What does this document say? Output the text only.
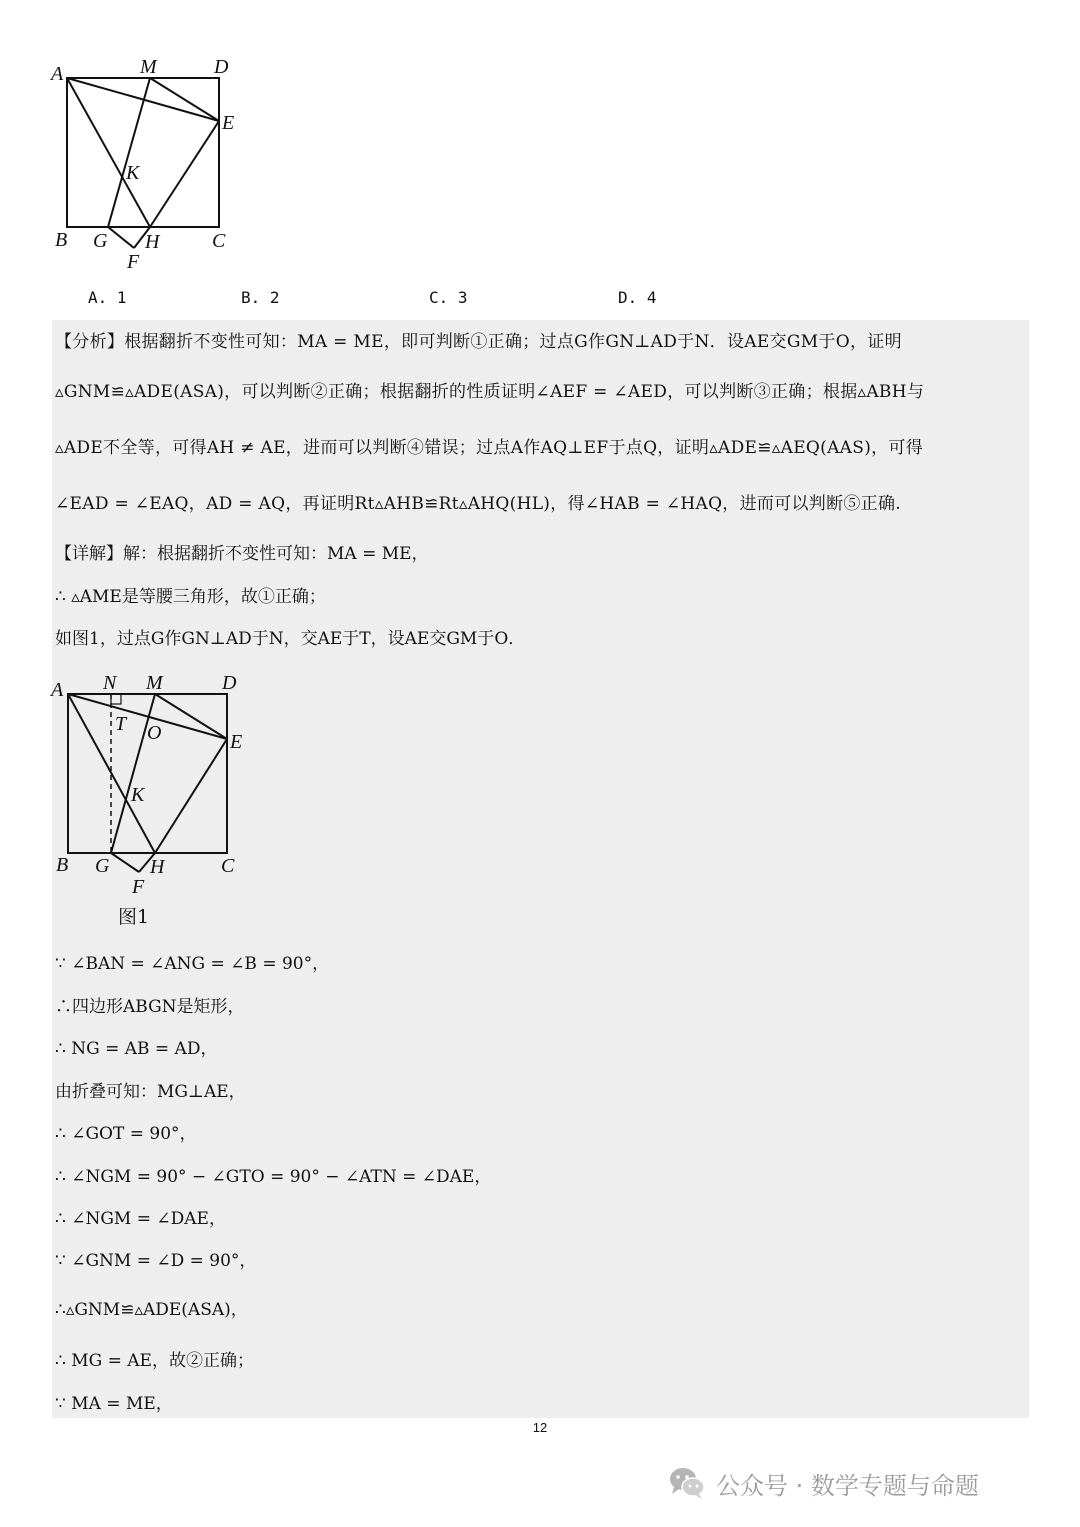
A	M	D
E
K
B G H	C
F
A. 1	B. 2	C. 3	D. 4
【分析】根据翻折不变性可知：MA = ME，即可判断①正确；过点G作GN⊥AD于N．设AE交GM于O，证明
▵GNM≌▵ADE(ASA)，可以判断②正确；根据翻折的性质证明∠AEF = ∠AED，可以判断③正确；根据▵ABH与
▵ADE不全等，可得AH ≠ AE，进而可以判断④错误；过点A作AQ⊥EF于点Q，证明▵ADE≌▵AEQ(AAS)，可得
∠EAD = ∠EAQ，AD = AQ，再证明Rt▵AHB≌Rt▵AHQ(HL)，得∠HAB = ∠HAQ，进而可以判断⑤正确.
【详解】解：根据翻折不变性可知：MA = ME，
∴ ▵AME是等腰三角形，故①正确；
如图1，过点G作GN⊥AD于N，交AE于T，设AE交GM于O．
A N M	D
T O	E
K
B G H	C
F
图1
∵ ∠BAN = ∠ANG = ∠B = 90°，
∴四边形ABGN是矩形，
∴ NG = AB = AD，
由折叠可知：MG⊥AE，
∴ ∠GOT = 90°，
∴ ∠NGM = 90° − ∠GTO = 90° − ∠ATN = ∠DAE，
∴ ∠NGM = ∠DAE，
∵ ∠GNM = ∠D = 90°，
∴▵GNM≌▵ADE(ASA)，
∴ MG = AE，故②正确；
∵ MA = ME，
12
公众号 · 数学专题与命题
